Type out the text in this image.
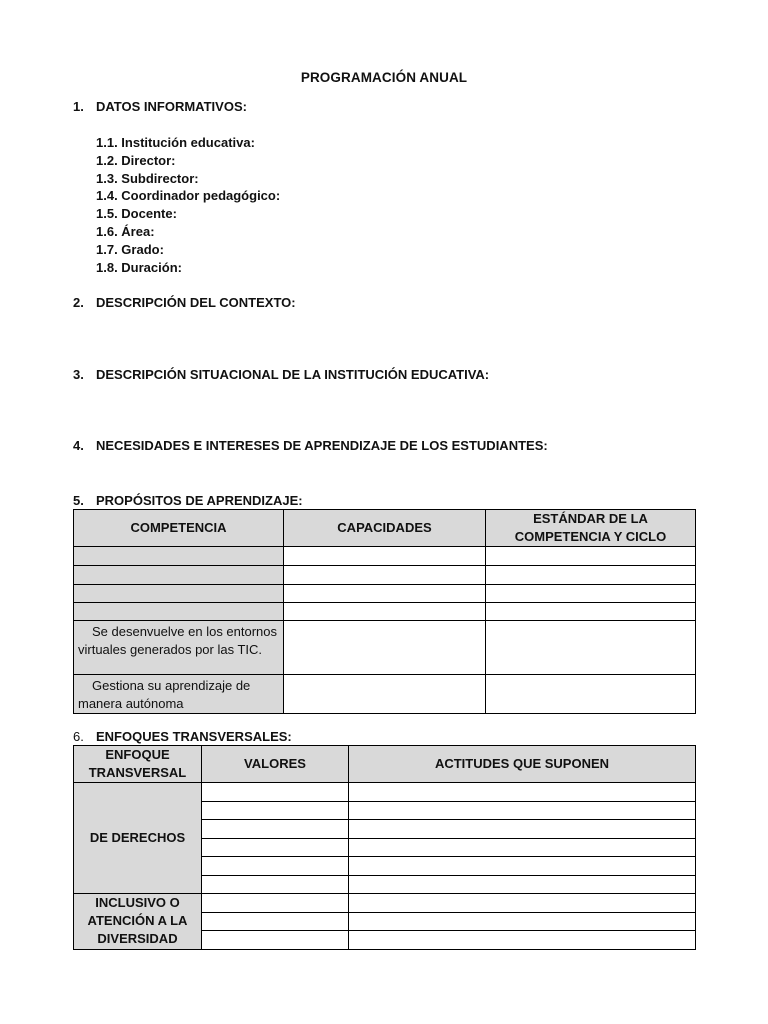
PROGRAMACIÓN ANUAL
1. DATOS INFORMATIVOS:
1.1. Institución educativa:
1.2. Director:
1.3. Subdirector:
1.4. Coordinador pedagógico:
1.5. Docente:
1.6. Área:
1.7. Grado:
1.8. Duración:
2. DESCRIPCIÓN DEL CONTEXTO:
3. DESCRIPCIÓN SITUACIONAL DE LA INSTITUCIÓN EDUCATIVA:
4. NECESIDADES E INTERESES DE APRENDIZAJE DE LOS ESTUDIANTES:
5. PROPÓSITOS DE APRENDIZAJE:
COMPETENCIA	CAPACIDADES	ESTÁNDAR DE LA COMPETENCIA Y CICLO

Se desenvuelve en los entornos virtuales generados por las TIC.		
Gestiona su aprendizaje de manera autónoma		
6. ENFOQUES TRANSVERSALES:
ENFOQUE TRANSVERSAL	VALORES	ACTITUDES QUE SUPONEN
DE DERECHOS		

INCLUSIVO O ATENCIÓN A LA DIVERSIDAD		
